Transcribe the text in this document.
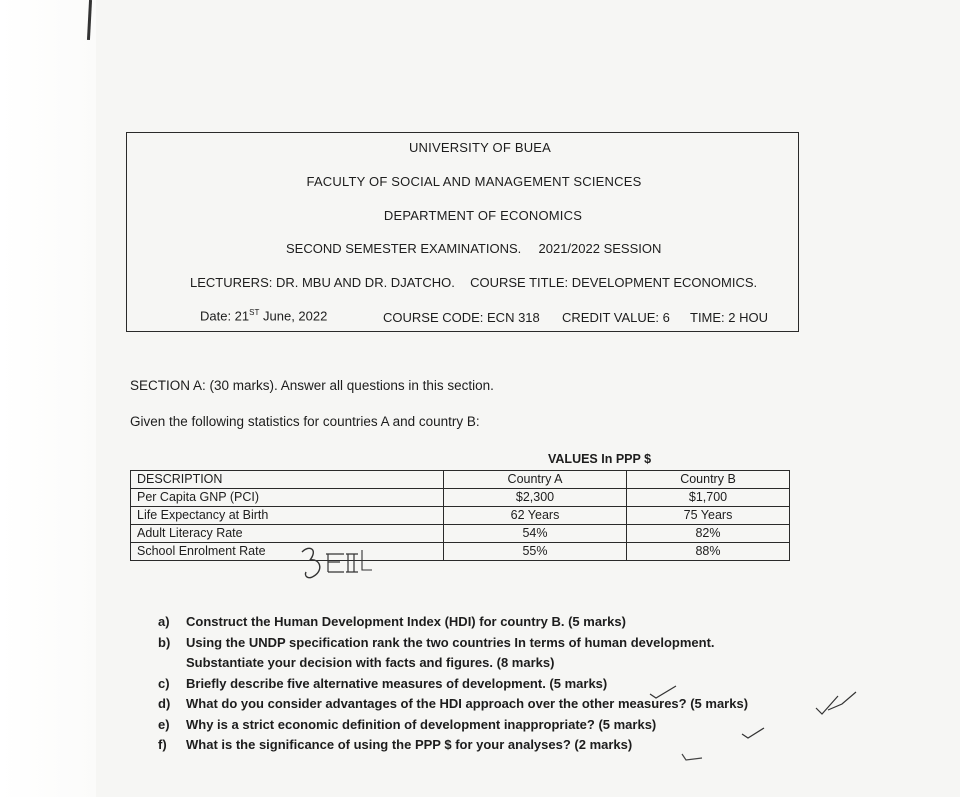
UNIVERSITY OF BUEA
FACULTY OF SOCIAL AND MANAGEMENT SCIENCES
DEPARTMENT OF ECONOMICS
SECOND SEMESTER EXAMINATIONS. 2021/2022 SESSION
LECTURERS: DR. MBU AND DR. DJATCHO. COURSE TITLE: DEVELOPMENT ECONOMICS.
Date: 21ST June, 2022	COURSE CODE: ECN 318 CREDIT VALUE: 6 TIME: 2 HOU
SECTION A: (30 marks). Answer all questions in this section.
Given the following statistics for countries A and country B:
VALUES In PPP $
DESCRIPTION	Country A	Country B
Per Capita GNP (PCI)	$2,300	$1,700
Life Expectancy at Birth	62 Years	75 Years
Adult Literacy Rate	54%	82%
School Enrolment Rate	55%	88%
a)	Construct the Human Development Index (HDI) for country B. (5 marks)
b)	Using the UNDP specification rank the two countries In terms of human development. Substantiate your decision with facts and figures. (8 marks)
c)	Briefly describe five alternative measures of development. (5 marks)
d)	What do you consider advantages of the HDI approach over the other measures? (5 marks)
e)	Why is a strict economic definition of development inappropriate? (5 marks)
f)	What is the significance of using the PPP $ for your analyses? (2 marks)
